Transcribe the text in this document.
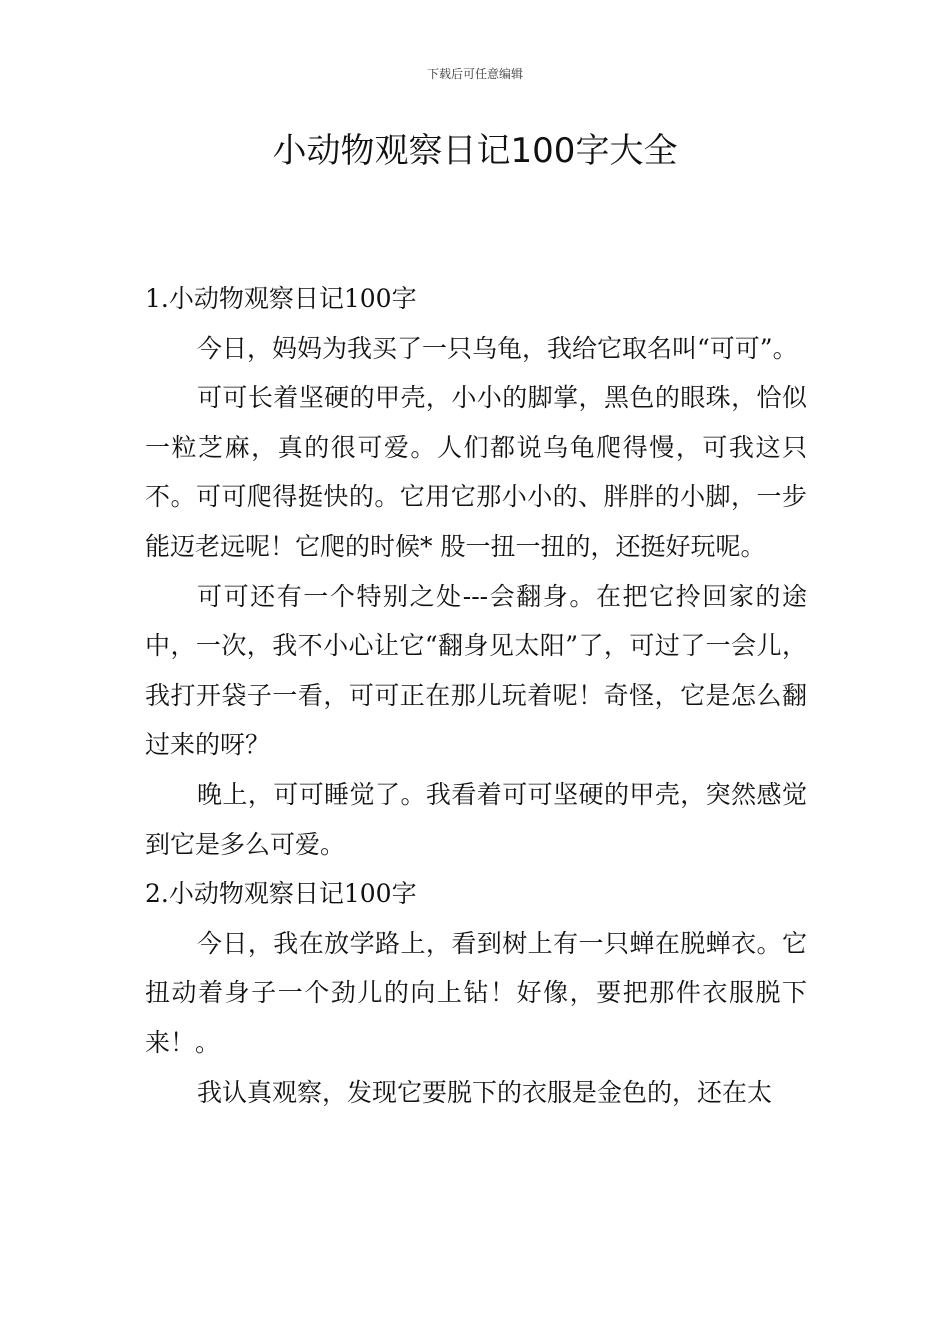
下载后可任意编辑
小动物观察日记100字大全

1.小动物观察日记100字

今日，妈妈为我买了一只乌龟，我给它取名叫“可可”。

可可长着坚硬的甲壳，小小的脚掌，黑色的眼珠，恰似一粒芝麻，真的很可爱。人们都说乌龟爬得慢，可我这只不。可可爬得挺快的。它用它那小小的、胖胖的小脚，一步能迈老远呢！它爬的时候* 股一扭一扭的，还挺好玩呢。

可可还有一个特别之处---会翻身。在把它拎回家的途中，一次，我不小心让它“翻身见太阳”了，可过了一会儿，我打开袋子一看，可可正在那儿玩着呢！奇怪，它是怎么翻过来的呀？

晚上，可可睡觉了。我看着可可坚硬的甲壳，突然感觉到它是多么可爱。

2.小动物观察日记100字

今日，我在放学路上，看到树上有一只蝉在脱蝉衣。它扭动着身子一个劲儿的向上钻！好像，要把那件衣服脱下来！。

我认真观察，发现它要脱下的衣服是金色的，还在太
